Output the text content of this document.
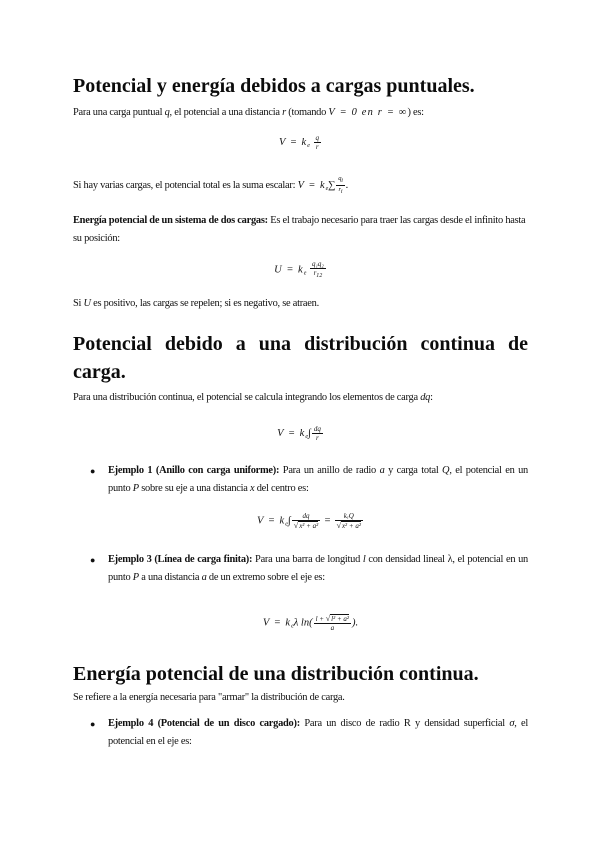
Potencial y energía debidos a cargas puntuales.

Para una carga puntual q, el potencial a una distancia r (tomando V = 0 en r = ∞) es:

$V = k_e \frac{q}{r}$

Si hay varias cargas, el potencial total es la suma escalar: $V = k_e\sum \frac{qi}{ri}$ .

Energía potencial de un sistema de dos cargas: Es el trabajo necesario para traer las cargas desde el infinito hasta su posición:

$U = k_e \frac{\text{q₁q₂}}{r12}$

Si U es positivo, las cargas se repelen; si es negativo, se atraen.

Potencial debido a una distribución continua de carga.

Para una distribución continua, el potencial se calcula integrando los elementos de carga dq:

$V = k_e\int \frac{dq}{r}$
●	Ejemplo 1 (Anillo con carga uniforme): Para un anillo de radio a y carga total Q, el potencial en un punto P sobre su eje a una distancia x del centro es:

$V = k_e\int \frac{dq}{\text{√x² + a²}} = \frac{\text{kₑQ}}{\text{√x² + a²}}$
●	Ejemplo 3 (Línea de carga finita): Para una barra de longitud l con densidad lineal λ, el potencial en un punto P a una distancia a de un extremo sobre el eje es:

$V = k_e\lambda$ $\ln( \frac{\text{l + √l² + a²}}{a}$ ).
Energía potencial de una distribución continua.

Se refiere a la energía necesaria para "armar" la distribución de carga.

●	Ejemplo 4 (Potencial de un disco cargado): Para un disco de radio R y densidad superficial σ, el potencial en el eje es:
